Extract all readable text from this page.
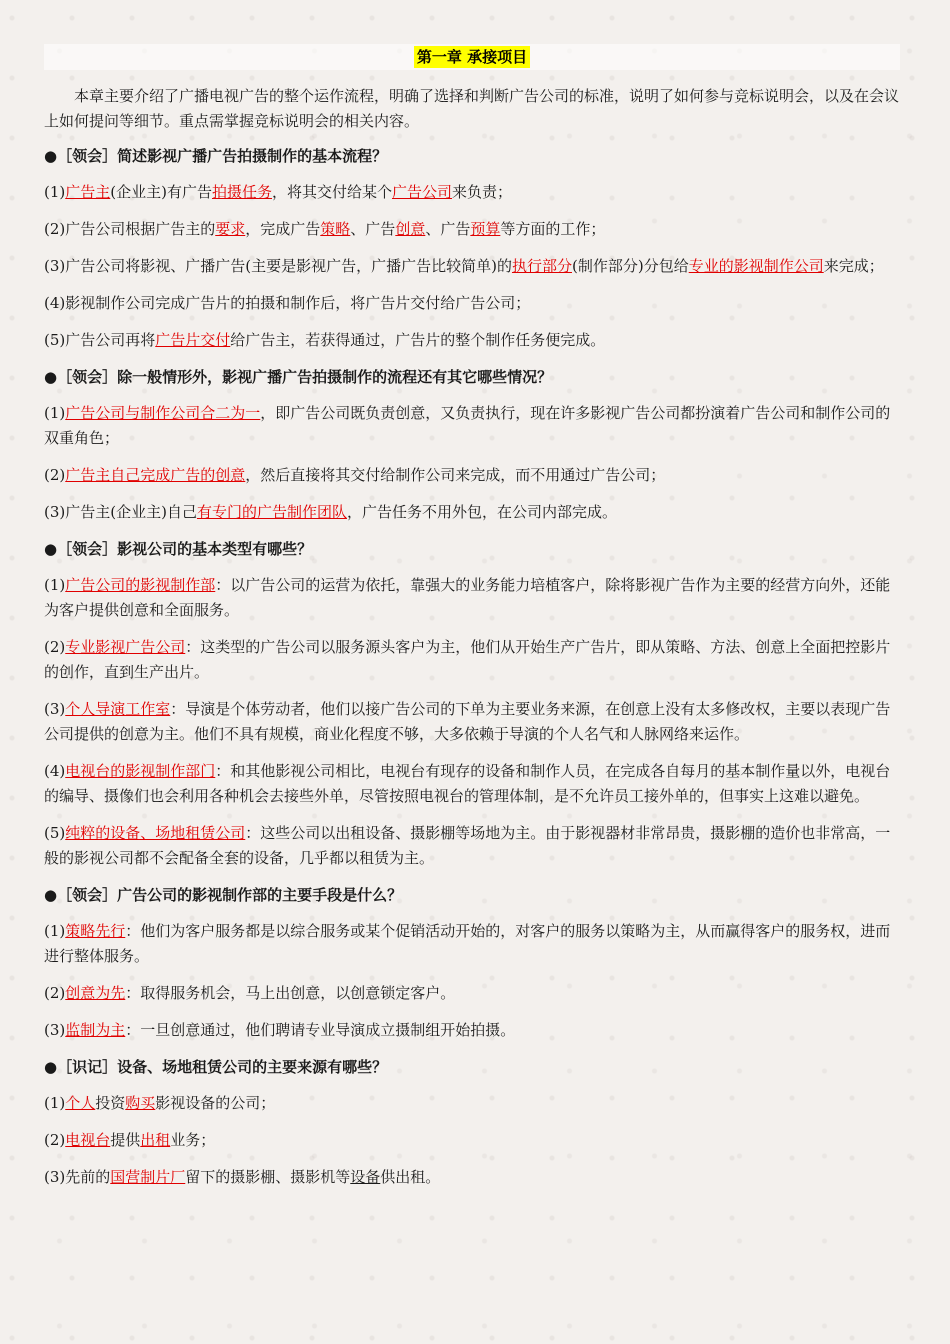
第一章 承接项目

本章主要介绍了广播电视广告的整个运作流程，明确了选择和判断广告公司的标准，说明了如何参与竞标说明会，以及在会议上如何提问等细节。重点需掌握竞标说明会的相关内容。

●［领会］简述影视广播广告拍摄制作的基本流程？

(1)广告主(企业主)有广告拍摄任务，将其交付给某个广告公司来负责；

(2)广告公司根据广告主的要求，完成广告策略、广告创意、广告预算等方面的工作；

(3)广告公司将影视、广播广告(主要是影视广告，广播广告比较简单)的执行部分(制作部分)分包给专业的影视制作公司来完成；

(4)影视制作公司完成广告片的拍摄和制作后，将广告片交付给广告公司；

(5)广告公司再将广告片交付给广告主，若获得通过，广告片的整个制作任务便完成。

●［领会］除一般情形外，影视广播广告拍摄制作的流程还有其它哪些情况？

(1)广告公司与制作公司合二为一，即广告公司既负责创意，又负责执行，现在许多影视广告公司都扮演着广告公司和制作公司的双重角色；

(2)广告主自己完成广告的创意，然后直接将其交付给制作公司来完成，而不用通过广告公司；

(3)广告主(企业主)自己有专门的广告制作团队，广告任务不用外包，在公司内部完成。

●［领会］影视公司的基本类型有哪些？

(1)广告公司的影视制作部：以广告公司的运营为依托，靠强大的业务能力培植客户，除将影视广告作为主要的经营方向外，还能为客户提供创意和全面服务。

(2)专业影视广告公司：这类型的广告公司以服务源头客户为主，他们从开始生产广告片，即从策略、方法、创意上全面把控影片的创作，直到生产出片。

(3)个人导演工作室：导演是个体劳动者，他们以接广告公司的下单为主要业务来源，在创意上没有太多修改权，主要以表现广告公司提供的创意为主。他们不具有规模，商业化程度不够，大多依赖于导演的个人名气和人脉网络来运作。

(4)电视台的影视制作部门：和其他影视公司相比，电视台有现存的设备和制作人员，在完成各自每月的基本制作量以外，电视台的编导、摄像们也会利用各种机会去接些外单，尽管按照电视台的管理体制，是不允许员工接外单的，但事实上这难以避免。

(5)纯粹的设备、场地租赁公司：这些公司以出租设备、摄影棚等场地为主。由于影视器材非常昂贵，摄影棚的造价也非常高，一般的影视公司都不会配备全套的设备，几乎都以租赁为主。

●［领会］广告公司的影视制作部的主要手段是什么？

(1)策略先行：他们为客户服务都是以综合服务或某个促销活动开始的，对客户的服务以策略为主，从而赢得客户的服务权，进而进行整体服务。

(2)创意为先：取得服务机会，马上出创意，以创意锁定客户。

(3)监制为主：一旦创意通过，他们聘请专业导演成立摄制组开始拍摄。

●［识记］设备、场地租赁公司的主要来源有哪些？

(1)个人投资购买影视设备的公司；

(2)电视台提供出租业务；

(3)先前的国营制片厂留下的摄影棚、摄影机等设备供出租。
